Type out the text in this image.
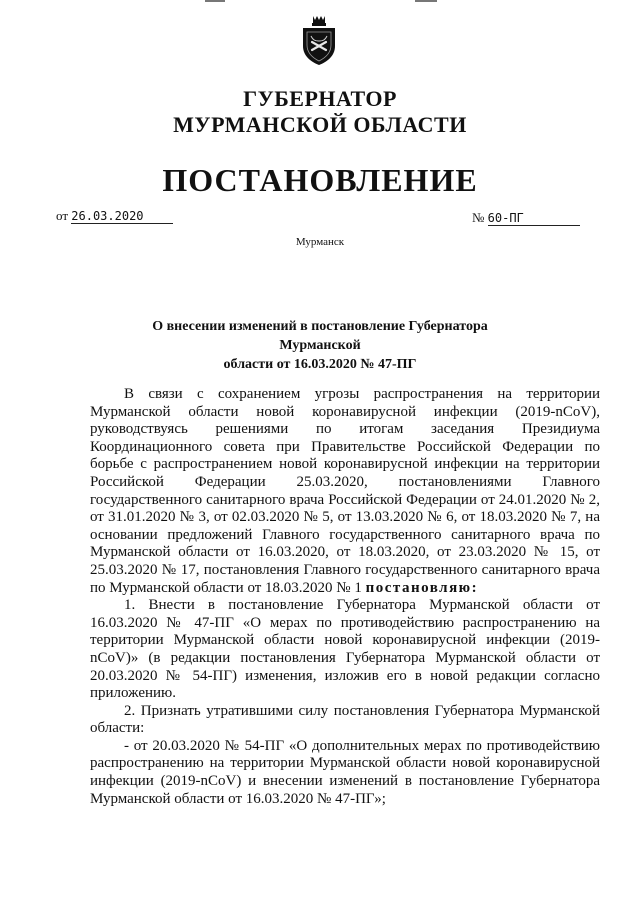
ГУБЕРНАТОР
МУРМАНСКОЙ ОБЛАСТИ
ПОСТАНОВЛЕНИЕ
от 26.03.2020	№ 60-ПГ
Мурманск
О внесении изменений в постановление Губернатора Мурманской
области от 16.03.2020 № 47-ПГ

В связи с сохранением угрозы распространения на территории Мурманской области новой коронавирусной инфекции (2019-nCoV), руководствуясь решениями по итогам заседания Президиума Координационного совета при Правительстве Российской Федерации по борьбе с распространением новой коронавирусной инфекции на территории Российской Федерации 25.03.2020, постановлениями Главного государственного санитарного врача Российской Федерации от 24.01.2020 № 2, от 31.01.2020 № 3, от 02.03.2020 № 5, от 13.03.2020 № 6, от 18.03.2020 № 7, на основании предложений Главного государственного санитарного врача по Мурманской области от 16.03.2020, от 18.03.2020, от 23.03.2020 № 15, от 25.03.2020 № 17, постановления Главного государственного санитарного врача по Мурманской области от 18.03.2020 № 1 постановляю:

1. Внести в постановление Губернатора Мурманской области от 16.03.2020 № 47-ПГ «О мерах по противодействию распространению на территории Мурманской области новой коронавирусной инфекции (2019-nCoV)» (в редакции постановления Губернатора Мурманской области от 20.03.2020 № 54-ПГ) изменения, изложив его в новой редакции согласно приложению.

2. Признать утратившими силу постановления Губернатора Мурманской области:

- от 20.03.2020 № 54-ПГ «О дополнительных мерах по противодействию распространению на территории Мурманской области новой коронавирусной инфекции (2019-nCoV) и внесении изменений в постановление Губернатора Мурманской области от 16.03.2020 № 47-ПГ»;
